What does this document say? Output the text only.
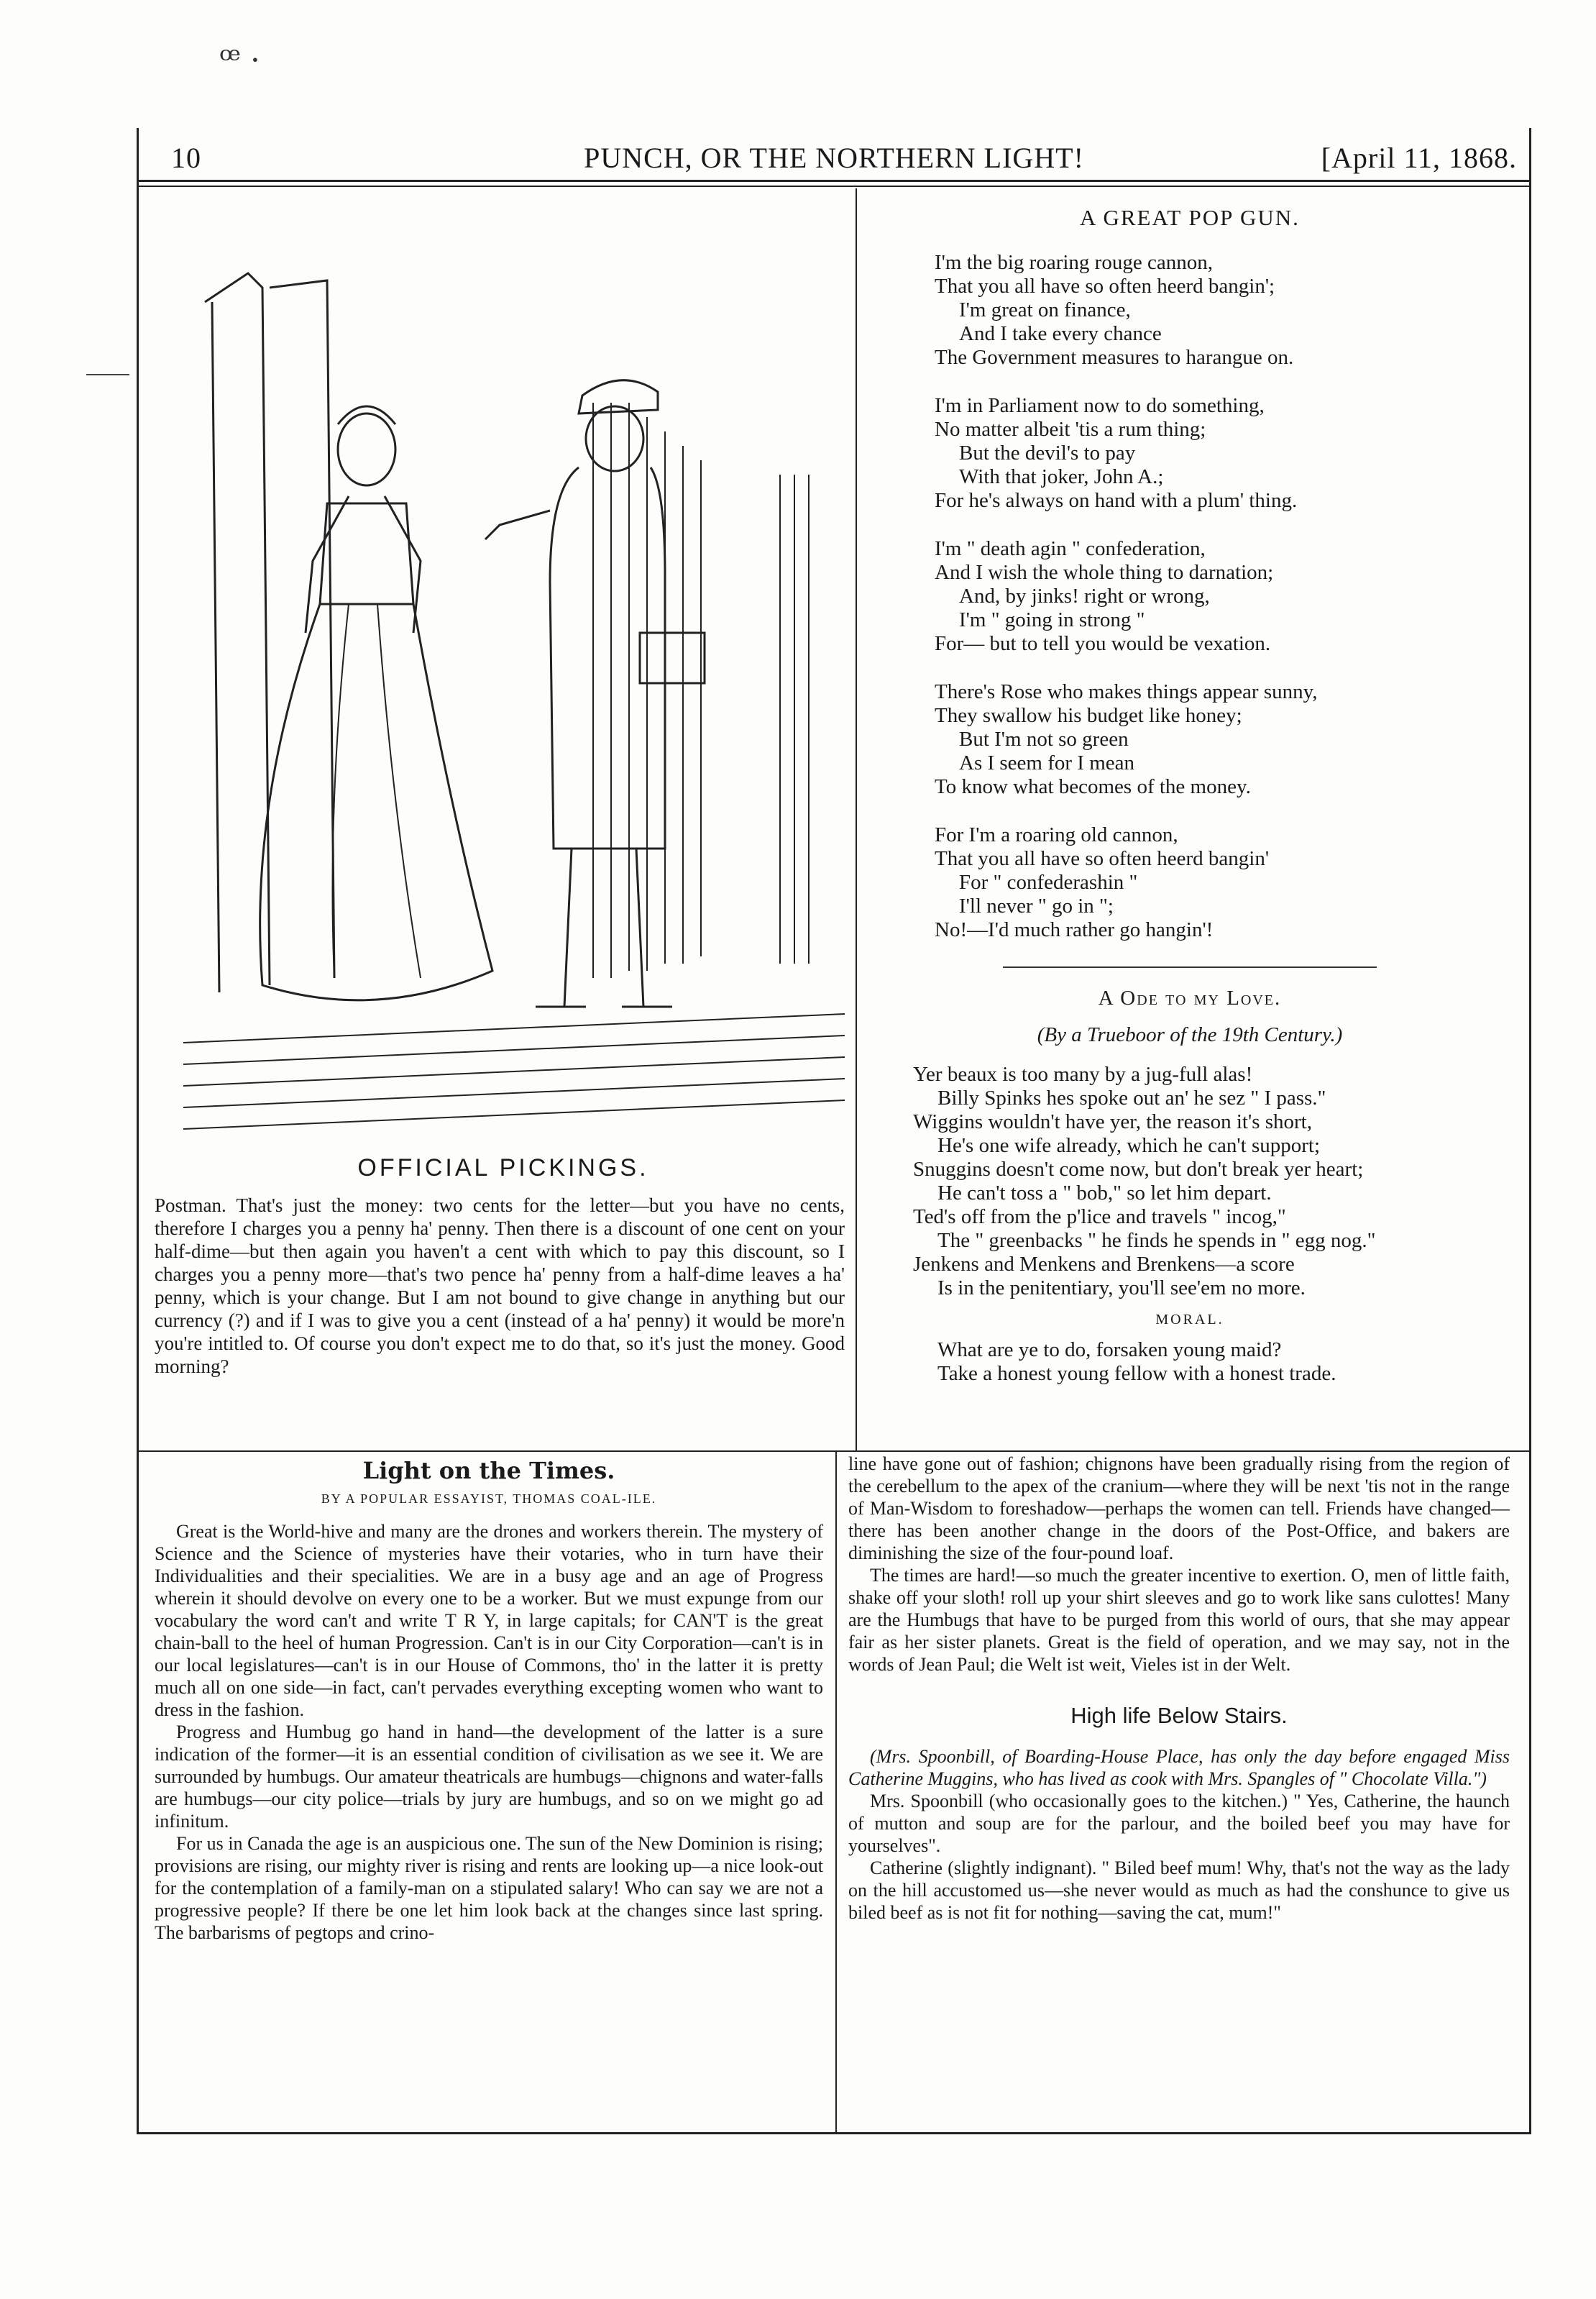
ꟹ ·
10	PUNCH, OR THE NORTHERN LIGHT!	[April 11, 1868.
OFFICIAL PICKINGS.
Postman. That's just the money: two cents for the letter—but you have no cents, therefore I charges you a penny ha' penny. Then there is a discount of one cent on your half-dime—but then again you haven't a cent with which to pay this discount, so I charges you a penny more—that's two pence ha' penny from a half-dime leaves a ha' penny, which is your change. But I am not bound to give change in anything but our currency (?) and if I was to give you a cent (instead of a ha' penny) it would be more'n you're intitled to. Of course you don't expect me to do that, so it's just the money. Good morning?
A GREAT POP GUN.
I'm the big roaring rouge cannon,
That you all have so often heerd bangin';
I'm great on finance,
And I take every chance
The Government measures to harangue on.
I'm in Parliament now to do something,
No matter albeit 'tis a rum thing;
But the devil's to pay
With that joker, John A.;
For he's always on hand with a plum' thing.
I'm " death agin " confederation,
And I wish the whole thing to darnation;
And, by jinks! right or wrong,
I'm " going in strong "
For— but to tell you would be vexation.
There's Rose who makes things appear sunny,
They swallow his budget like honey;
But I'm not so green
As I seem for I mean
To know what becomes of the money.
For I'm a roaring old cannon,
That you all have so often heerd bangin'
For " confederashin "
I'll never " go in ";
No!—I'd much rather go hangin'!
A Ode to my Love.
(By a Trueboor of the 19th Century.)
Yer beaux is too many by a jug-full alas!
Billy Spinks hes spoke out an' he sez " I pass."
Wiggins wouldn't have yer, the reason it's short,
He's one wife already, which he can't support;
Snuggins doesn't come now, but don't break yer heart;
He can't toss a " bob," so let him depart.
Ted's off from the p'lice and travels " incog,"
The " greenbacks " he finds he spends in " egg nog."
Jenkens and Menkens and Brenkens—a score
Is in the penitentiary, you'll see'em no more.
MORAL.
What are ye to do, forsaken young maid?
Take a honest young fellow with a honest trade.
Light on the Times.
BY A POPULAR ESSAYIST, THOMAS COAL-ILE.

Great is the World-hive and many are the drones and workers therein. The mystery of Science and the Science of mysteries have their votaries, who in turn have their Individualities and their specialities. We are in a busy age and an age of Progress wherein it should devolve on every one to be a worker. But we must expunge from our vocabulary the word can't and write T R Y, in large capitals; for CAN'T is the great chain-ball to the heel of human Progression. Can't is in our City Corporation—can't is in our local legislatures—can't is in our House of Commons, tho' in the latter it is pretty much all on one side—in fact, can't pervades everything excepting women who want to dress in the fashion.

Progress and Humbug go hand in hand—the development of the latter is a sure indication of the former—it is an essential condition of civilisation as we see it. We are surrounded by humbugs. Our amateur theatricals are humbugs—chignons and water-falls are humbugs—our city police—trials by jury are humbugs, and so on we might go ad infinitum.

For us in Canada the age is an auspicious one. The sun of the New Dominion is rising; provisions are rising, our mighty river is rising and rents are looking up—a nice look-out for the contemplation of a family-man on a stipulated salary! Who can say we are not a progressive people? If there be one let him look back at the changes since last spring. The barbarisms of pegtops and crino-

line have gone out of fashion; chignons have been gradually rising from the region of the cerebellum to the apex of the cranium—where they will be next 'tis not in the range of Man-Wisdom to foreshadow—perhaps the women can tell. Friends have changed—there has been another change in the doors of the Post-Office, and bakers are diminishing the size of the four-pound loaf.

The times are hard!—so much the greater incentive to exertion. O, men of little faith, shake off your sloth! roll up your shirt sleeves and go to work like sans culottes! Many are the Humbugs that have to be purged from this world of ours, that she may appear fair as her sister planets. Great is the field of operation, and we may say, not in the words of Jean Paul; die Welt ist weit, Vieles ist in der Welt.

High life Below Stairs.

(Mrs. Spoonbill, of Boarding-House Place, has only the day before engaged Miss Catherine Muggins, who has lived as cook with Mrs. Spangles of " Chocolate Villa.")

Mrs. Spoonbill (who occasionally goes to the kitchen.) " Yes, Catherine, the haunch of mutton and soup are for the parlour, and the boiled beef you may have for yourselves".

Catherine (slightly indignant). " Biled beef mum! Why, that's not the way as the lady on the hill accustomed us—she never would as much as had the conshunce to give us biled beef as is not fit for nothing—saving the cat, mum!"
